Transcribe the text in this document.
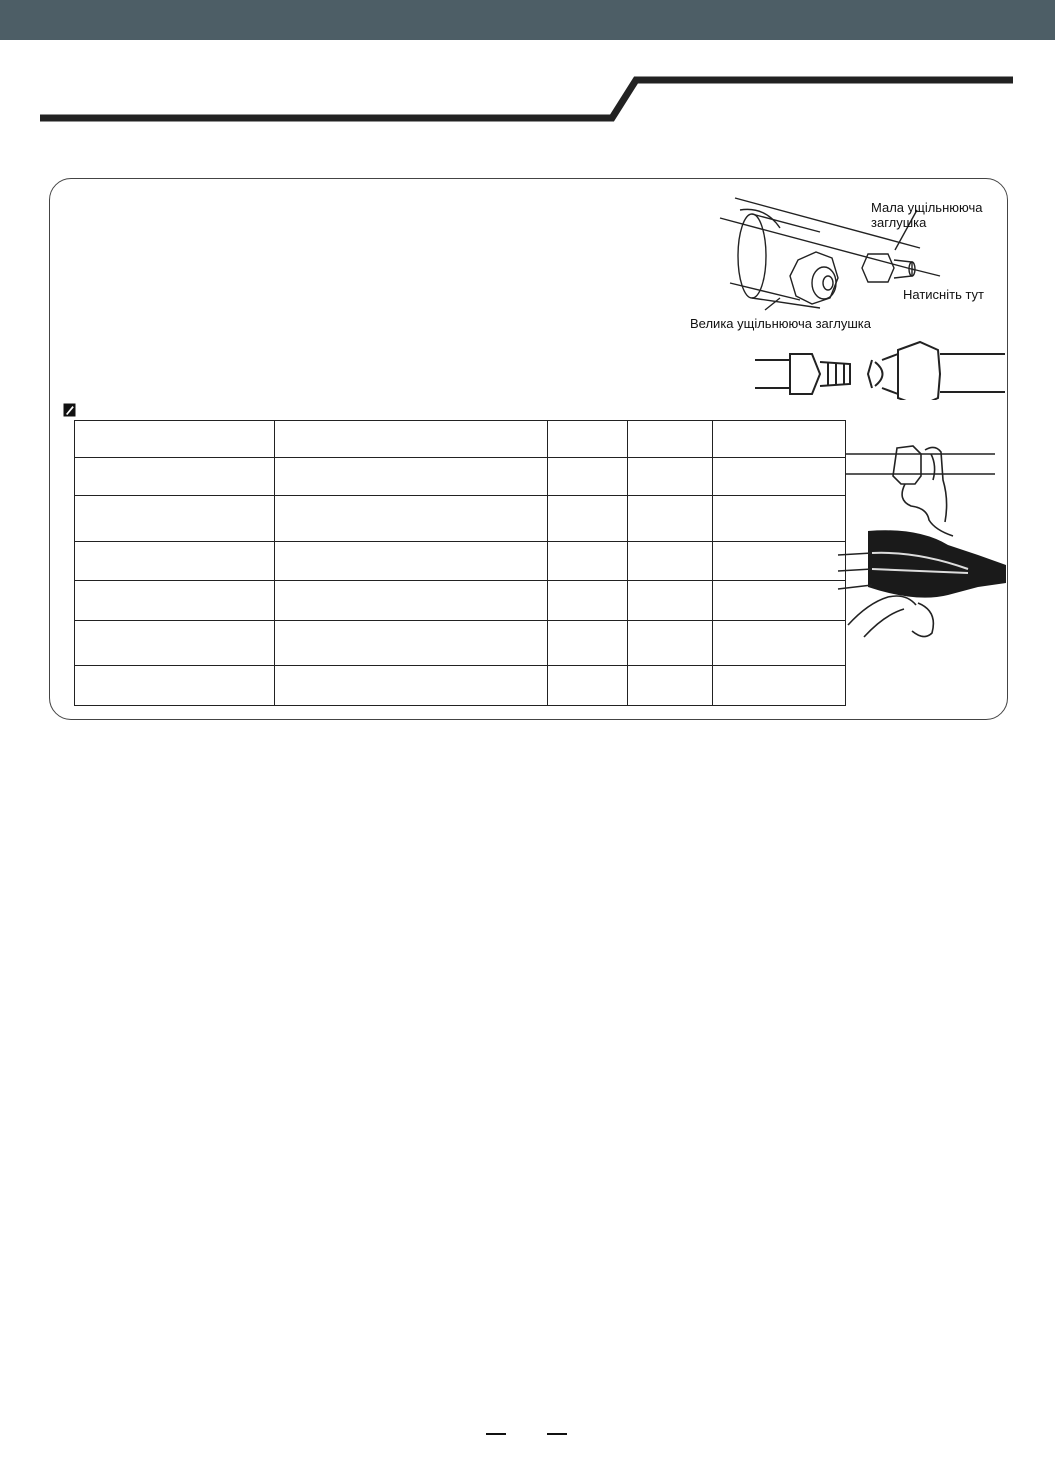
Мала ущільнююча
заглушка
Натисніть тут
Велика ущільнююча заглушка
